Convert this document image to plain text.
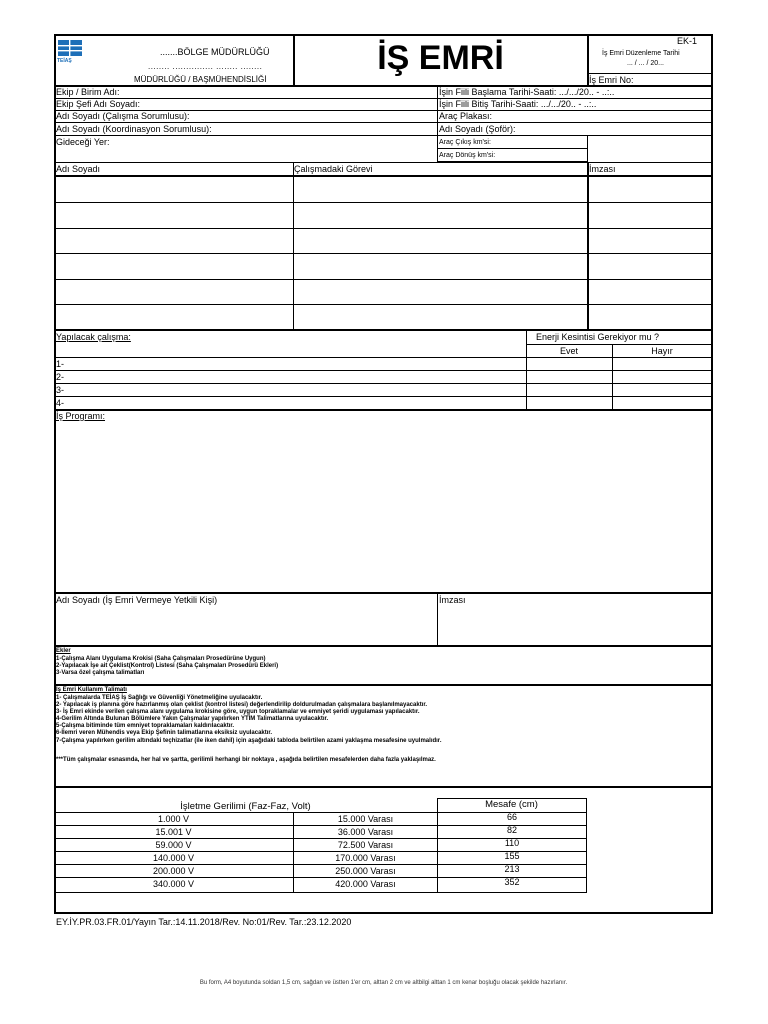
TEİAŞ
.......BÖLGE MÜDÜRLÜĞÜ
........ ............... ........ ........
MÜDÜRLÜĞÜ / BAŞMÜHENDİSLİĞİ
İŞ EMRİ	EK-1
İş Emri Düzenleme Tarihi
... / ... / 20...
İş Emri No:
Ekip / Birim Adı:
Ekip Şefi Adı Soyadı:
Adı Soyadı (Çalışma Sorumlusu):
Adı Soyadı (Koordinasyon Sorumlusu):
Gideceği Yer:
İşin Fiili Başlama Tarihi-Saati: .../.../20.. - ..:..
İşin Fiili Bitiş Tarihi-Saati: .../.../20.. - ..:..
Araç Plakası:
Adı Soyadı (Şoför):
Araç Çıkış km'si:
Araç Dönüş km'si:
Adı Soyadı	Çalışmadaki Görevi	İmzası
Yapılacak çalışma:	Enerji Kesintisi Gerekiyor mu ?
Evet	Hayır
1-
2-
3-
4-
İş Programı:
Adı Soyadı (İş Emri Vermeye Yetkili Kişi)	İmzası
Ekler
1-Çalışma Alanı Uygulama Krokisi (Saha Çalışmaları Prosedürüne Uygun)
2-Yapılacak İşe ait Çeklist(Kontrol) Listesi (Saha Çalışmaları Prosedürü Ekleri)
3-Varsa özel çalışma talimatları
İş Emri Kullanım Talimatı
1- Çalışmalarda TEİAŞ İş Sağlığı ve Güvenliği Yönetmeliğine uyulacaktır.
2- Yapılacak iş planına göre hazırlanmış olan çeklist (kontrol listesi) değerlendirilip doldurulmadan çalışmalara başlanılmayacaktır.
3- İş Emri ekinde verilen çalışma alanı uygulama krokisine göre, uygun topraklamalar ve emniyet şeridi uygulaması yapılacaktır.
4-Gerilim Altında Bulunan Bölümlere Yakın Çalışmalar yapılırken YTİM Talimatlarına uyulacaktır.
5-Çalışma bitiminde tüm emniyet topraklamaları kaldırılacaktır.
6-İlemri veren Mühendis veya Ekip Şefinin talimatlarına eksiksiz uyulacaktır.
7-Çalışma yapılırken gerilim altındaki teçhizatlar (ile iken dahil) için aşağıdaki tabloda belirtilen azami yaklaşma mesafesine uyulmalıdır.
***Tüm çalışmalar esnasında, her hal ve şartta, gerilimli herhangi bir noktaya , aşağıda belirtilen mesafelerden daha fazla yaklaşılmaz.
İşletme Gerilimi (Faz-Faz, Volt)	Mesafe (cm)
1.000 V	15.000 Varası	66
15.001 V	36.000 Varası	82
59.000 V	72.500 Varası	110
140.000 V	170.000 Varası	155
200.000 V	250.000 Varası	213
340.000 V	420.000 Varası	352
EY.İY.PR.03.FR.01/Yayın Tar.:14.11.2018/Rev. No:01/Rev. Tar.:23.12.2020
Bu form, A4 boyutunda soldan 1,5 cm, sağdan ve üstten 1'er cm, alttan 2 cm ve altbilgi alttan 1 cm kenar boşluğu olacak şekilde hazırlanır.
